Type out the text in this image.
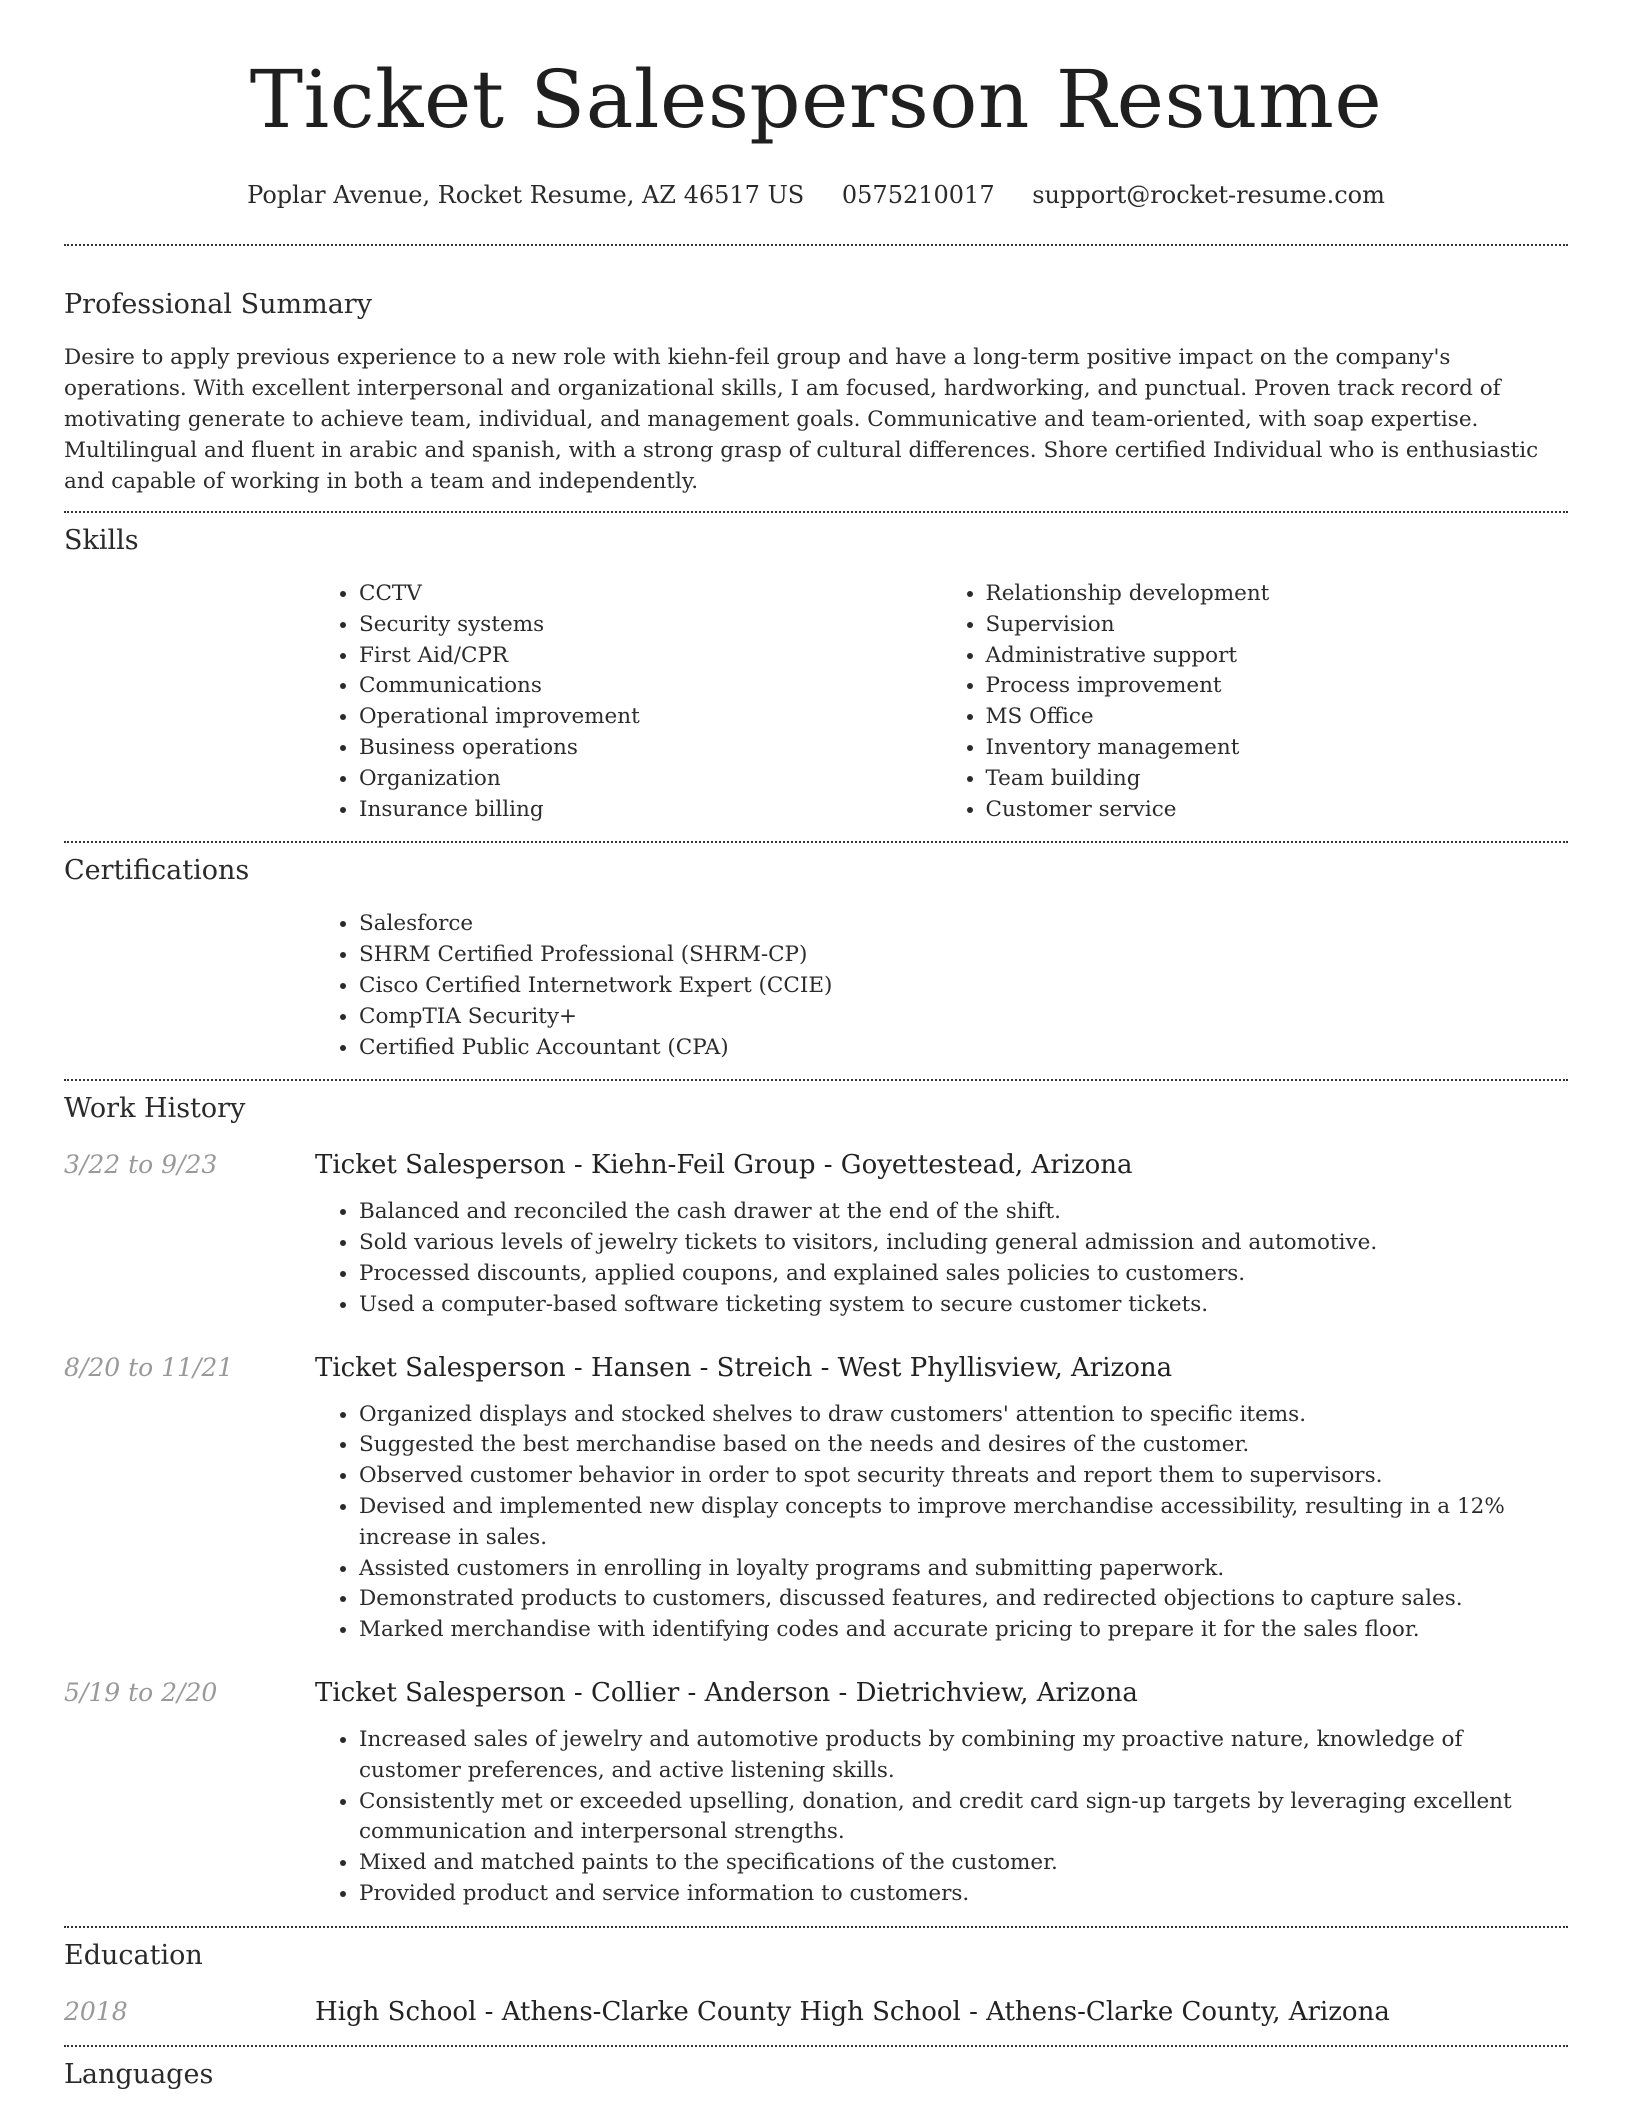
Ticket Salesperson Resume
Poplar Avenue, Rocket Resume, AZ 46517 US 0575210017 support@rocket-resume.com
Professional Summary

Desire to apply previous experience to a new role with kiehn-feil group and have a long-term positive impact on the company's operations. With excellent interpersonal and organizational skills, I am focused, hardworking, and punctual. Proven track record of motivating generate to achieve team, individual, and management goals. Communicative and team-oriented, with soap expertise. Multilingual and fluent in arabic and spanish, with a strong grasp of cultural differences. Shore certified Individual who is enthusiastic and capable of working in both a team and independently.

Skills
• CCTV
• Security systems
• First Aid/CPR
• Communications
• Operational improvement
• Business operations
• Organization
• Insurance billing
• Relationship development
• Supervision
• Administrative support
• Process improvement
• MS Office
• Inventory management
• Team building
• Customer service
Certifications
• Salesforce
• SHRM Certified Professional (SHRM-CP)
• Cisco Certified Internetwork Expert (CCIE)
• CompTIA Security+
• Certified Public Accountant (CPA)
Work History
3/22 to 9/23	Ticket Salesperson - Kiehn-Feil Group - Goyettestead, Arizona
• Balanced and reconciled the cash drawer at the end of the shift.
• Sold various levels of jewelry tickets to visitors, including general admission and automotive.
• Processed discounts, applied coupons, and explained sales policies to customers.
• Used a computer-based software ticketing system to secure customer tickets.
8/20 to 11/21	Ticket Salesperson - Hansen - Streich - West Phyllisview, Arizona
• Organized displays and stocked shelves to draw customers' attention to specific items.
• Suggested the best merchandise based on the needs and desires of the customer.
• Observed customer behavior in order to spot security threats and report them to supervisors.
• Devised and implemented new display concepts to improve merchandise accessibility, resulting in a 12% increase in sales.
• Assisted customers in enrolling in loyalty programs and submitting paperwork.
• Demonstrated products to customers, discussed features, and redirected objections to capture sales.
• Marked merchandise with identifying codes and accurate pricing to prepare it for the sales floor.
5/19 to 2/20	Ticket Salesperson - Collier - Anderson - Dietrichview, Arizona
• Increased sales of jewelry and automotive products by combining my proactive nature, knowledge of customer preferences, and active listening skills.
• Consistently met or exceeded upselling, donation, and credit card sign-up targets by leveraging excellent communication and interpersonal strengths.
• Mixed and matched paints to the specifications of the customer.
• Provided product and service information to customers.
Education
2018	High School - Athens-Clarke County High School - Athens-Clarke County, Arizona
Languages
